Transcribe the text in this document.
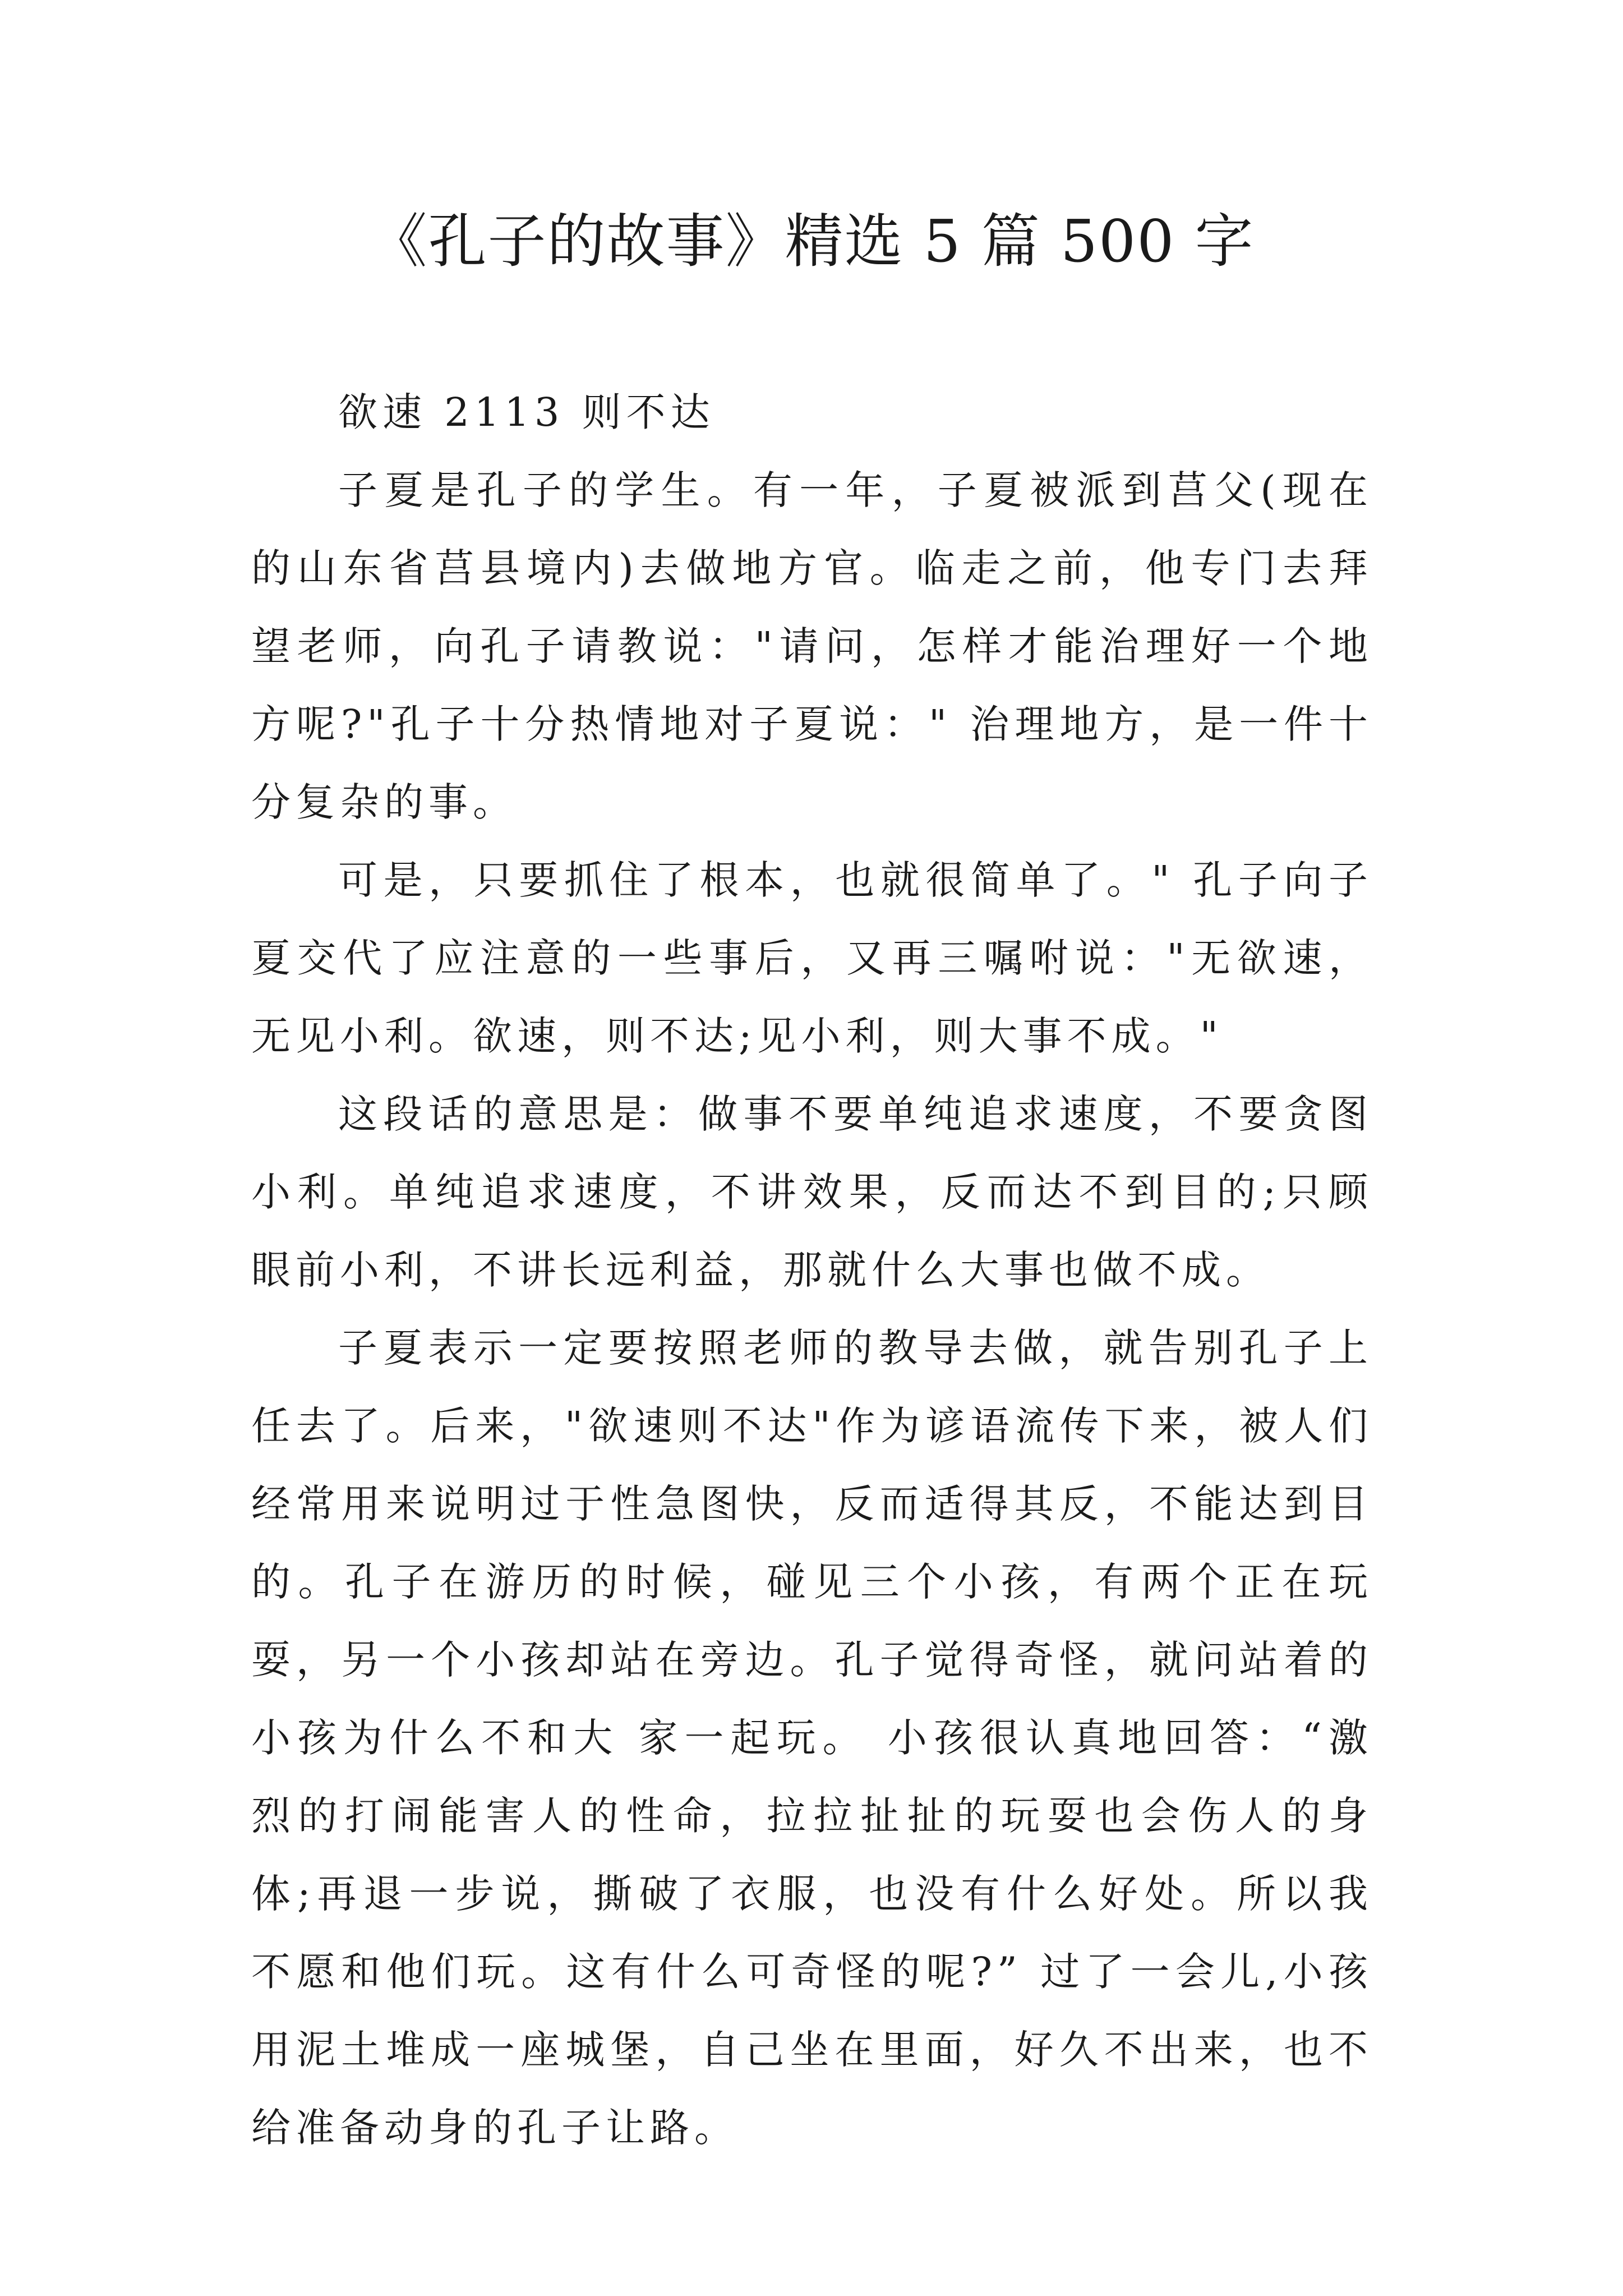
《孔子的故事》精选 5 篇 500 字

欲速 2113 则不达

子夏是孔子的学生。有一年，子夏被派到莒父(现在的山东省莒县境内)去做地方官。临走之前，他专门去拜望老师，向孔子请教说："请问，怎样才能治理好一个地方呢?"孔子十分热情地对子夏说：" 治理地方，是一件十分复杂的事。

可是，只要抓住了根本，也就很简单了。" 孔子向子夏交代了应注意的一些事后，又再三嘱咐说："无欲速，无见小利。欲速，则不达;见小利，则大事不成。"

这段话的意思是：做事不要单纯追求速度，不要贪图小利。单纯追求速度，不讲效果，反而达不到目的;只顾眼前小利，不讲长远利益，那就什么大事也做不成。

子夏表示一定要按照老师的教导去做，就告别孔子上任去了。后来，"欲速则不达"作为谚语流传下来，被人们经常用来说明过于性急图快，反而适得其反，不能达到目的。孔子在游历的时候，碰见三个小孩，有两个正在玩耍，另一个小孩却站在旁边。孔子觉得奇怪，就问站着的小孩为什么不和大 家一起玩。 小孩很认真地回答：“激烈的打闹能害人的性命，拉拉扯扯的玩耍也会伤人的身体;再退一步说，撕破了衣服，也没有什么好处。所以我不愿和他们玩。这有什么可奇怪的呢?” 过了一会儿,小孩用泥土堆成一座城堡，自己坐在里面，好久不出来，也不给准备动身的孔子让路。
